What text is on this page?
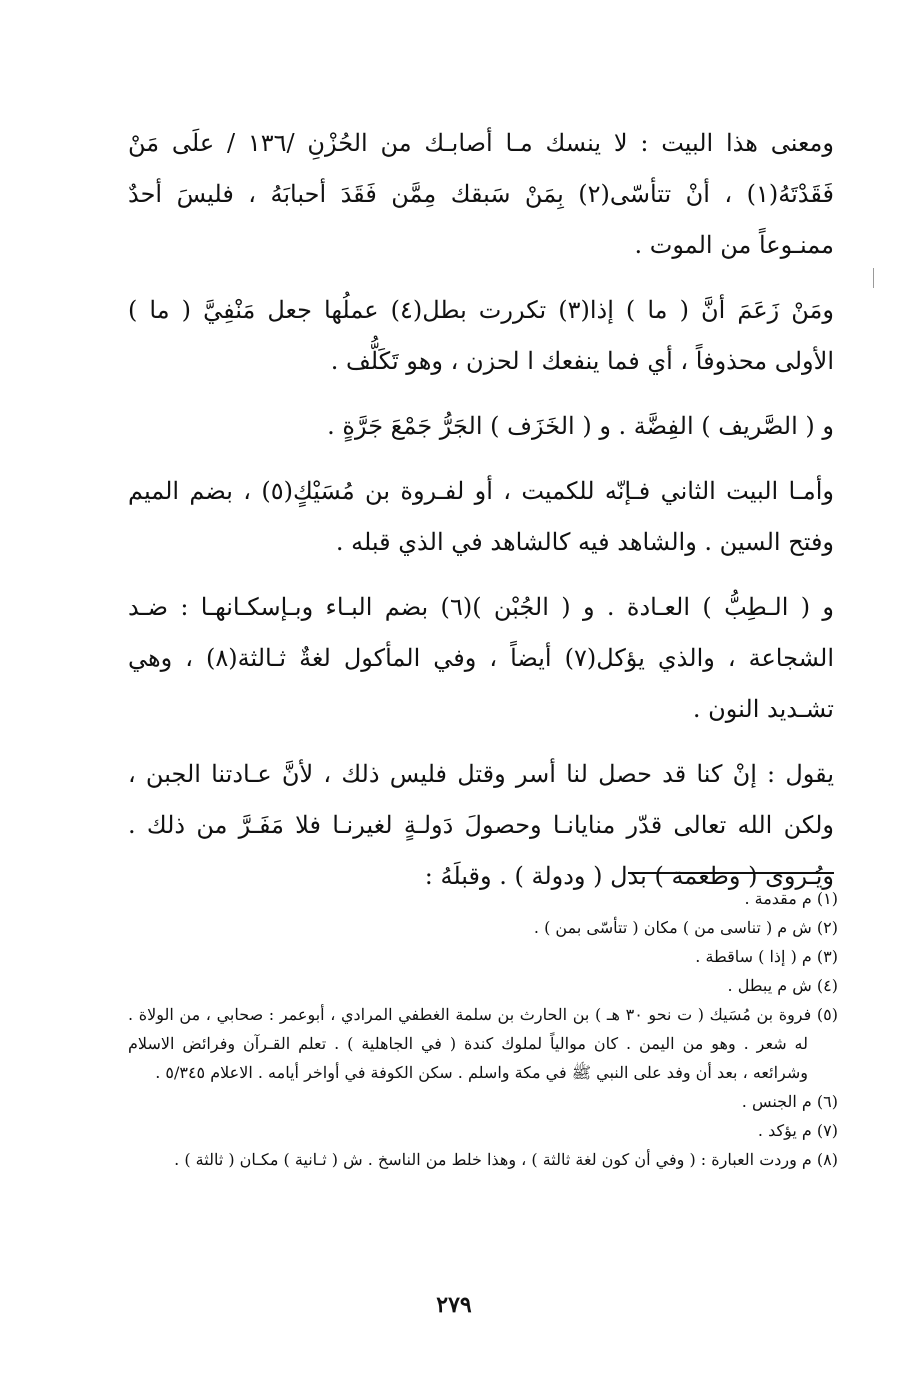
ومعنى هذا البيت : لا ينسك مـا أصابـك من الحُزْنِ /١٣٦ / علَى مَنْ فَقَدْتَهُ(١) ، أنْ تتأسّى(٢) بِمَنْ سَبقك مِمَّن فَقَدَ أحبابَهُ ، فليسَ أحدٌ ممنـوعاً من الموت .

ومَنْ زَعَمَ أنَّ ( ما ) إذا(٣) تكررت بطل(٤) عملُها جعل مَنْفِيَّ ( ما ) الأولى محذوفاً ، أي فما ينفعك ا لحزن ، وهو تَكَلُّف .

و ( الصَّريف ) الفِضَّة . و ( الخَزَف ) الجَرُّ جَمْعَ جَرَّةٍ .

وأمـا البيت الثاني فـإنّه للكميت ، أو لفـروة بن مُسَيْكٍ(٥) ، بضم الميم وفتح السين . والشاهد فيه كالشاهد في الذي قبله .

و ( الـطِبُّ ) العـادة . و ( الجُبْن )(٦) بضم البـاء وبـإسكـانهـا : ضـد الشجاعة ، والذي يؤكل(٧) أيضاً ، وفي المأكول لغةٌ ثـالثة(٨) ، وهي تشـديد النون .

يقول : إنْ كنا قد حصل لنا أسر وقتل فليس ذلك ، لأنَّ عـادتنا الجبن ، ولكن الله تعالى قدّر منايانـا وحصولَ دَولـةٍ لغيرنـا فلا مَفَـرَّ من ذلك . ويُـروى ( وطعمة ) بدل ( ودولة ) . وقبلَهُ :

(١) م مقدمة .
(٢) ش م ( تناسى من ) مكان ( تتأسّى بمن ) .
(٣) م ( إذا ) ساقطة .
(٤) ش م يبطل .
(٥) فروة بن مُسَيك ( ت نحو ٣٠ هـ ) بن الحارث بن سلمة الغطفي المرادي ، أبوعمر : صحابي ، من الولاة . له شعر . وهو من اليمن . كان موالياً لملوك كندة ( في الجاهلية ) . تعلم القـرآن وفرائض الاسلام وشرائعه ، بعد أن وفد على النبي ﷺ في مكة واسلم . سكن الكوفة في أواخر أيامه . الاعلام ٥/٣٤٥ .
(٦) م الجنس .
(٧) م يؤكد .
(٨) م وردت العبارة : ( وفي أن كون لغة ثالثة ) ، وهذا خلط من الناسخ . ش ( ثـانية ) مكـان ( ثالثة ) .
٢٧٩
